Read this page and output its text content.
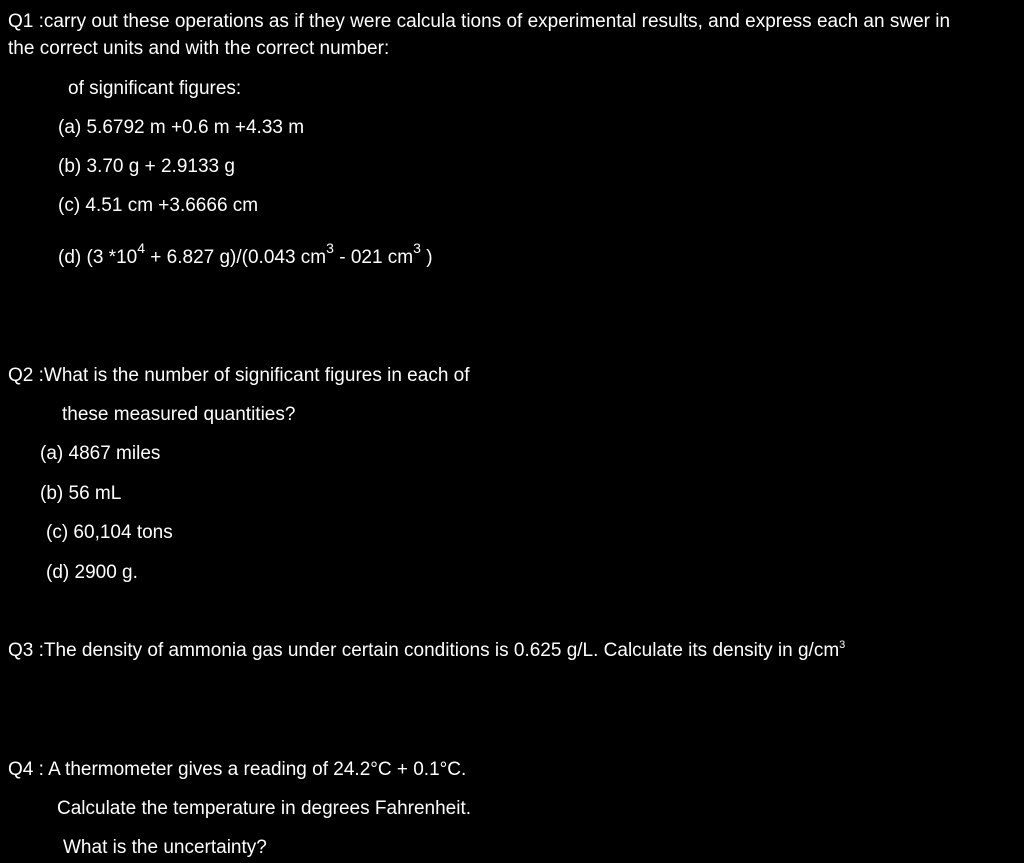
Q1 :carry out these operations as if they were calcula tions of experimental results, and express each an swer in
the correct units and with the correct number:
of significant figures:
(a) 5.6792 m +0.6 m +4.33 m
(b) 3.70 g + 2.9133 g
(c) 4.51 cm +3.6666 cm
(d) (3 $*10^4 + 6.827$ g)/(0.043 $cm^3 - 021$ $cm^3$ )
Q2 :What is the number of significant figures in each of
these measured quantities?
(a) 4867 miles
(b) 56 mL
(c) 60,104 tons
(d) 2900 g.
Q3 :The density of ammonia gas under certain conditions is 0.625 g/L. Calculate its density in $g/cm^3$
Q4 : A thermometer gives a reading of 24.2°C + 0.1°C.
Calculate the temperature in degrees Fahrenheit.
What is the uncertainty?
